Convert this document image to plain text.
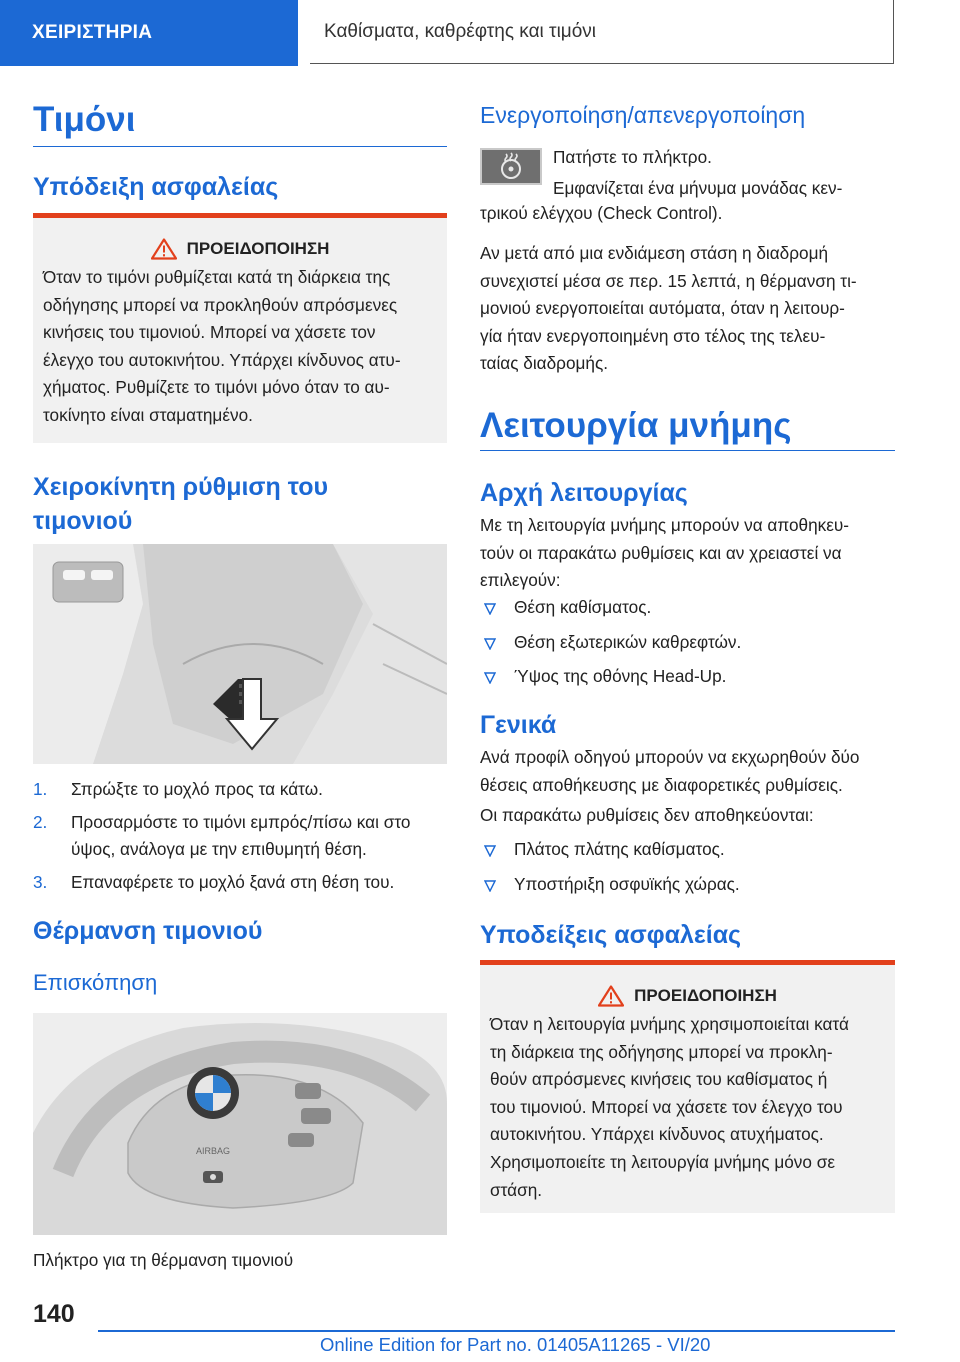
ΧΕΙΡΙΣΤΗΡΙΑ	Καθίσματα, καθρέφτης και τιμόνι
Τιμόνι
Υπόδειξη ασφαλείας
ΠΡΟΕΙΔΟΠΟΙΗΣΗ

Όταν το τιμόνι ρυθμίζεται κατά τη διάρκεια της

οδήγησης μπορεί να προκληθούν απρόσμενες

κινήσεις του τιμονιού. Μπορεί να χάσετε τον

έλεγχο του αυτοκινήτου. Υπάρχει κίνδυνος ατυ-

χήματος. Ρυθμίζετε το τιμόνι μόνο όταν το αυ-

τοκίνητο είναι σταματημένο.

Χειροκίνητη ρύθμιση του
τιμονιού
1. Σπρώξτε το μοχλό προς τα κάτω.
2. Προσαρμόστε το τιμόνι εμπρός/πίσω και στο
ύψος, ανάλογα με την επιθυμητή θέση.
3. Επαναφέρετε το μοχλό ξανά στη θέση του.
Θέρμανση τιμονιού
Επισκόπηση
AIRBAG

Πλήκτρο για τη θέρμανση τιμονιού

Ενεργοποίηση/απενεργοποίηση

Πατήστε το πλήκτρο.

Εμφανίζεται ένα μήνυμα μονάδας κεν-

τρικού ελέγχου (Check Control).

Αν μετά από μια ενδιάμεση στάση η διαδρομή

συνεχιστεί μέσα σε περ. 15 λεπτά, η θέρμανση τι-

μονιού ενεργοποιείται αυτόματα, όταν η λειτουρ-

γία ήταν ενεργοποιημένη στο τέλος της τελευ-

ταίας διαδρομής.

Λειτουργία μνήμης
Αρχή λειτουργίας

Με τη λειτουργία μνήμης μπορούν να αποθηκευ-

τούν οι παρακάτω ρυθμίσεις και αν χρειαστεί να

επιλεγούν:

Θέση καθίσματος.
Θέση εξωτερικών καθρεφτών.
Ύψος της οθόνης Head-Up.
Γενικά

Ανά προφίλ οδηγού μπορούν να εκχωρηθούν δύο

θέσεις αποθήκευσης με διαφορετικές ρυθμίσεις.

Οι παρακάτω ρυθμίσεις δεν αποθηκεύονται:

Πλάτος πλάτης καθίσματος.
Υποστήριξη οσφυϊκής χώρας.
Υποδείξεις ασφαλείας
ΠΡΟΕΙΔΟΠΟΙΗΣΗ

Όταν η λειτουργία μνήμης χρησιμοποιείται κατά

τη διάρκεια της οδήγησης μπορεί να προκλη-

θούν απρόσμενες κινήσεις του καθίσματος ή

του τιμονιού. Μπορεί να χάσετε τον έλεγχο του

αυτοκινήτου. Υπάρχει κίνδυνος ατυχήματος.

Χρησιμοποιείτε τη λειτουργία μνήμης μόνο σε

στάση.

140
Online Edition for Part no. 01405A11265 - VI/20
